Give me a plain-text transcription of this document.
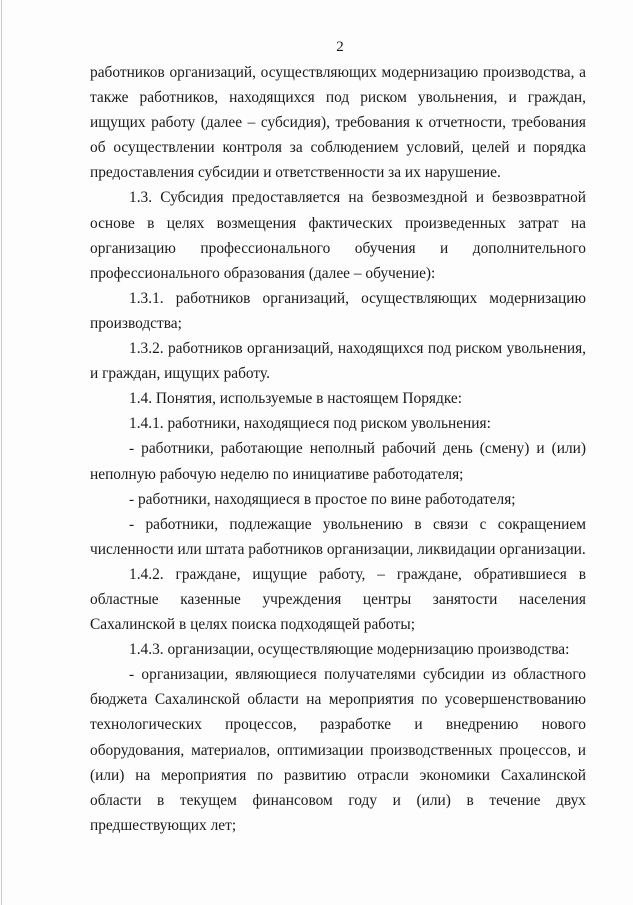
2

работников организаций, осуществляющих модернизацию производства, а также работников, находящихся под риском увольнения, и граждан, ищущих работу (далее – субсидия), требования к отчетности, требования об осуществлении контроля за соблюдением условий, целей и порядка предоставления субсидии и ответственности за их нарушение.

1.3. Субсидия предоставляется на безвозмездной и безвозвратной основе в целях возмещения фактических произведенных затрат на организацию профессионального обучения и дополнительного профессионального образования (далее – обучение):

1.3.1. работников организаций, осуществляющих модернизацию производства;

1.3.2. работников организаций, находящихся под риском увольнения, и граждан, ищущих работу.

1.4. Понятия, используемые в настоящем Порядке:

1.4.1. работники, находящиеся под риском увольнения:

- работники, работающие неполный рабочий день (смену) и (или) неполную рабочую неделю по инициативе работодателя;

- работники, находящиеся в простое по вине работодателя;

- работники, подлежащие увольнению в связи с сокращением численности или штата работников организации, ликвидации организации.

1.4.2. граждане, ищущие работу, – граждане, обратившиеся в областные казенные учреждения центры занятости населения Сахалинской в целях поиска подходящей работы;

1.4.3. организации, осуществляющие модернизацию производства:

- организации, являющиеся получателями субсидии из областного бюджета Сахалинской области на мероприятия по усовершенствованию технологических процессов, разработке и внедрению нового оборудования, материалов, оптимизации производственных процессов, и (или) на мероприятия по развитию отрасли экономики Сахалинской области в текущем финансовом году и (или) в течение двух предшествующих лет;
